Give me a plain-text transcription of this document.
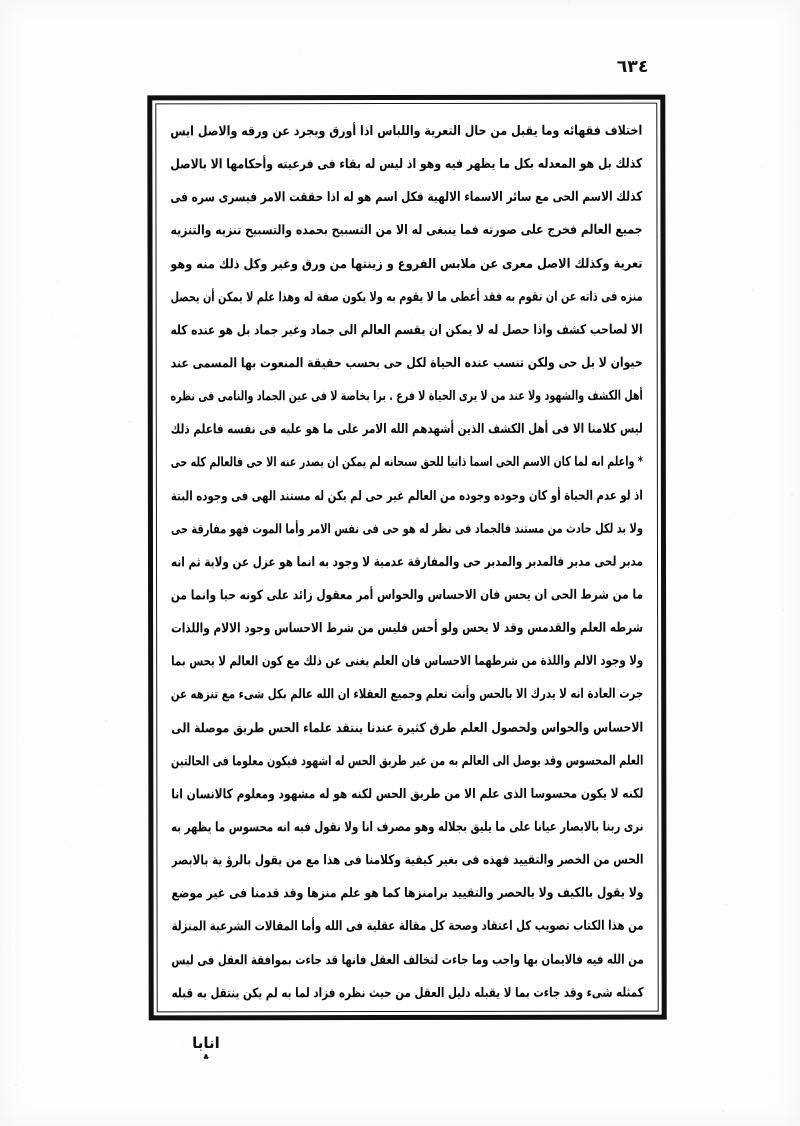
٤٣٦
اختلاف فقهائه وما يقبل من حال التعرية واللباس اذا أورق ويجرد عن ورقه والاصل ايس
كذلك بل هو المعدله بكل ما يظهر فيه وهو اذ ليس له بقاء فى فرعيته وأحكامها الا بالاصل
كذلك الاسم الحى مع سائر الاسماء الالهية فكل اسم هو له اذا حققت الامر فيسرى سره فى
جميع العالم فخرج على صورته فما ينبغى له الا من التسبيح بحمده والتسبيح تنزيه والتنزيه
تعرية وكذلك الاصل معرى عن ملابس الفروع و زينتها من ورق وغير وكل ذلك منه وهو
منزه فى ذاته عن ان تقوم به فقد أعطى ما لا يقوم به ولا يكون صفة له وهذا علم لا يمكن أن يحصل
الا لصاحب كشف واذا حصل له لا يمكن ان يقسم العالم الى جماد وغير جماد بل هو عنده كله
حيوان لا بل حى ولكن تنسب عنده الحياة لكل حى بحسب حقيقة المنعوت بها المسمى عند
أهل الكشف والشهود ولا عند من لا يرى الحياة لا فرع . برا بخاصة لا فى عين الجماد والنامى فى نظره
ليس كلامنا الا فى أهل الكشف الذين أشهدهم الله الامر على ما هو عليه فى نفسه فاعلم ذلك
* واعلم انه لما كان الاسم الحى اسما ذاتيا للحق سبحانه لم يمكن ان يصدر عنه الا حى فالعالم كله حى
اذ لو عدم الحياة أو كان وجوده وجوده من العالم غير حى لم يكن له مستند الهى فى وجوده البتة
ولا بد لكل حادث من مستند فالجماد فى نظر له هو حى فى نفس الامر وأما الموت فهو مفارقة حى
مدبر لحى مدبر فالمدبر والمدبر حى والمفارقة عدمية لا وجود به انما هو عزل عن ولاية ثم انه
ما من شرط الحى ان يحس فان الاحساس والحواس أمر معقول زائد على كونه حيا وانما من
شرطه العلم والقدمس وقد لا يحس ولو أحس فليس من شرط الاحساس وجود الالام واللذات
ولا وجود الالم واللذة من شرطهما الاحساس فان العلم يغنى عن ذلك مع كون العالم لا يحس بما
جرت العادة انه لا يدرك الا بالحس وأنت تعلم وجميع العقلاء ان الله عالم بكل شىء مع تنزهه عن
الاحساس والحواس ولحصول العلم طرق كثيرة عندنا ينتقد علماء الحس طريق موصلة الى
العلم المحسوس وقد يوصل الى العالم به من غير طريق الحس له اشهود فيكون معلوما فى الحالتين
لكنه لا يكون محسوسا الذى علم الا من طريق الحس لكنه هو له مشهود ومعلوم كالانسان انا
نرى ربنا بالابصار عيانا على ما يليق بجلاله وهو مصرف انا ولا نقول فيه انه محسوس ما يظهر به
الحس من الخصر والتقييد فهذه فى بغير كيفية وكلامنا فى هذا مع من يقول بالرؤ ية بالابصر
ولا يقول بالكيف ولا بالحصر والتقييد برامنزها كما هو علم منزها وقد قدمنا فى غير موضع
من هذا الكتاب تصويب كل اعتقاد وصحة كل مقالة عقلية فى الله وأما المقالات الشرعية المنزلة
من الله فيه فالايمان بها واجب وما جاءت لتخالف العقل فانها قد جاءت بموافقة العقل فى ليس
كمثله شىء وقد جاءت بما لا يقبله دليل العقل من حيث نظره فزاد لما به لم يكن ينتقل به قبله
انابا
؞
